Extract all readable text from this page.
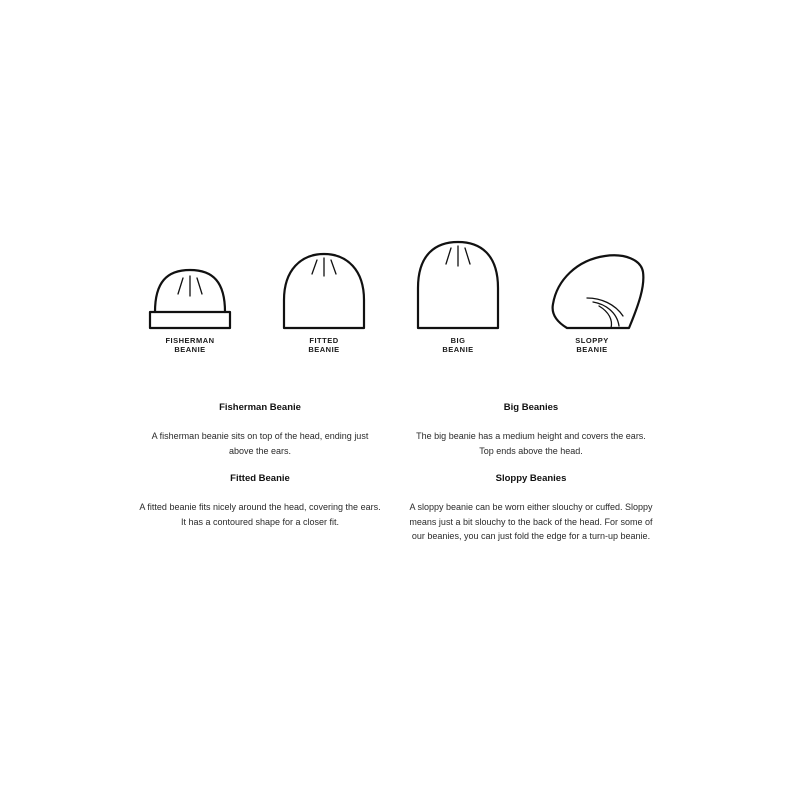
FISHERMAN
BEANIE
FITTED
BEANIE
BIG
BEANIE
SLOPPY
BEANIE
Fisherman Beanie

A fisherman beanie sits on top of the head, ending just above the ears.

Fitted Beanie

A fitted beanie fits nicely around the head, covering the ears. It has a contoured shape for a closer fit.

Big Beanies

The big beanie has a medium height and covers the ears. Top ends above the head.

Sloppy Beanies

A sloppy beanie can be worn either slouchy or cuffed. Sloppy means just a bit slouchy to the back of the head. For some of our beanies, you can just fold the edge for a turn-up beanie.
